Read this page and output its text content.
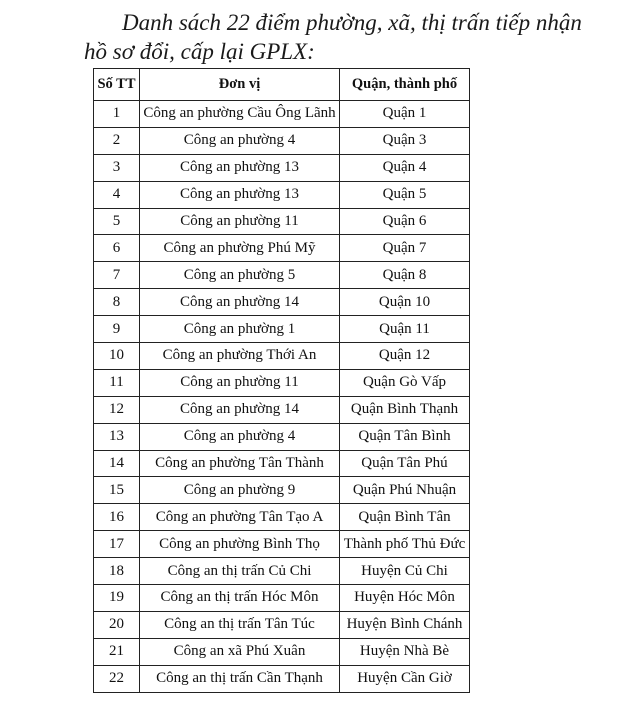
Danh sách 22 điểm phường, xã, thị trấn tiếp nhận
hồ sơ đổi, cấp lại GPLX:
Số TT	Đơn vị	Quận, thành phố
1	Công an phường Cầu Ông Lãnh	Quận 1
2	Công an phường 4	Quận 3
3	Công an phường 13	Quận 4
4	Công an phường 13	Quận 5
5	Công an phường 11	Quận 6
6	Công an phường Phú Mỹ	Quận 7
7	Công an phường 5	Quận 8
8	Công an phường 14	Quận 10
9	Công an phường 1	Quận 11
10	Công an phường Thới An	Quận 12
11	Công an phường 11	Quận Gò Vấp
12	Công an phường 14	Quận Bình Thạnh
13	Công an phường 4	Quận Tân Bình
14	Công an phường Tân Thành	Quận Tân Phú
15	Công an phường 9	Quận Phú Nhuận
16	Công an phường Tân Tạo A	Quận Bình Tân
17	Công an phường Bình Thọ	Thành phố Thủ Đức
18	Công an thị trấn Củ Chi	Huyện Củ Chi
19	Công an thị trấn Hóc Môn	Huyện Hóc Môn
20	Công an thị trấn Tân Túc	Huyện Bình Chánh
21	Công an xã Phú Xuân	Huyện Nhà Bè
22	Công an thị trấn Cần Thạnh	Huyện Cần Giờ
